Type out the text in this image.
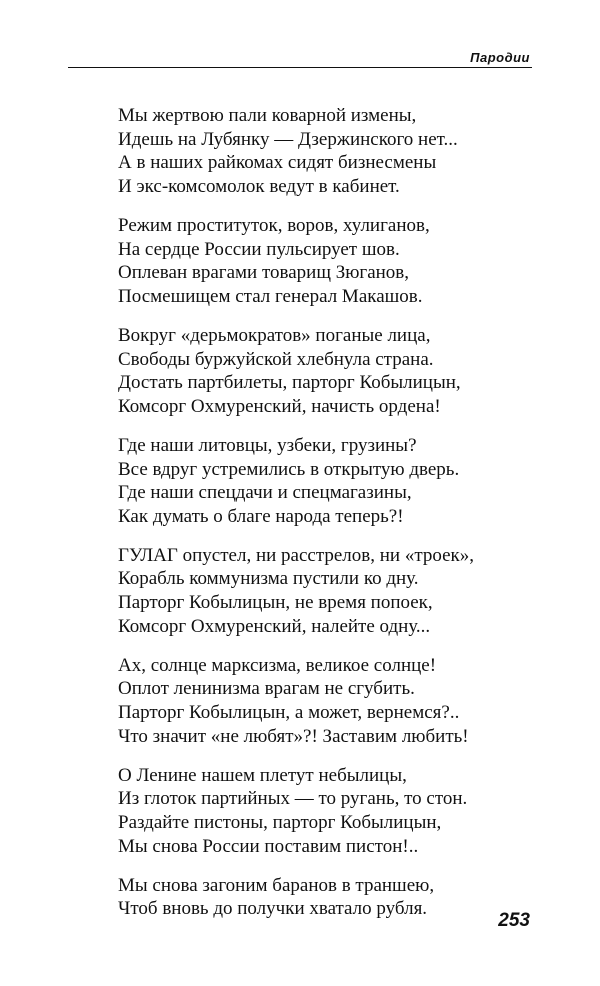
Пародии
Мы жертвою пали коварной измены,
Идешь на Лубянку — Дзержинского нет...
А в наших райкомах сидят бизнесмены
И экс-комсомолок ведут в кабинет.
Режим проституток, воров, хулиганов,
На сердце России пульсирует шов.
Оплеван врагами товарищ Зюганов,
Посмешищем стал генерал Макашов.
Вокруг «дерьмократов» поганые лица,
Свободы буржуйской хлебнула страна.
Достать партбилеты, парторг Кобылицын,
Комсорг Охмуренский, начисть ордена!
Где наши литовцы, узбеки, грузины?
Все вдруг устремились в открытую дверь.
Где наши спецдачи и спецмагазины,
Как думать о благе народа теперь?!
ГУЛАГ опустел, ни расстрелов, ни «троек»,
Корабль коммунизма пустили ко дну.
Парторг Кобылицын, не время попоек,
Комсорг Охмуренский, налейте одну...
Ах, солнце марксизма, великое солнце!
Оплот ленинизма врагам не сгубить.
Парторг Кобылицын, а может, вернемся?..
Что значит «не любят»?! Заставим любить!
О Ленине нашем плетут небылицы,
Из глоток партийных — то ругань, то стон.
Раздайте пистоны, парторг Кобылицын,
Мы снова России поставим пистон!..
Мы снова загоним баранов в траншею,
Чтоб вновь до получки хватало рубля.
253
